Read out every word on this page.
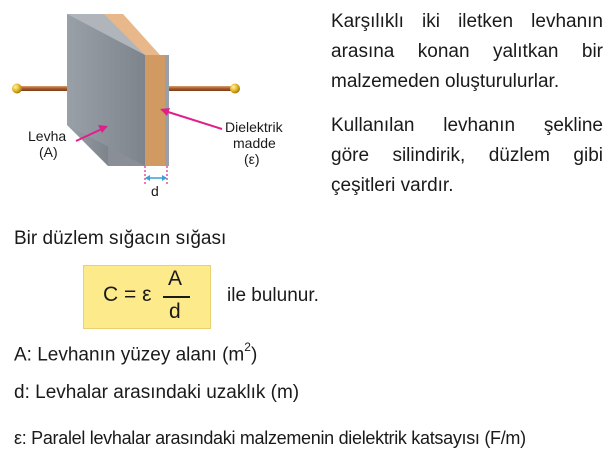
d
Levha
(A)
Dielektrik
madde
(ε)
Karşılıklı iki iletken levhanın
arasına konan yalıtkan bir

malzemeden oluşturulurlar.
Kullanılan levhanın şekline
göre silindirik, düzlem gibi

çeşitleri vardır.
Bir düzlem sığacın sığası
C = ε
A
d
ile bulunur.
A: Levhanın yüzey alanı $(m^2)$
d: Levhalar arasındaki uzaklık (m)
ε: Paralel levhalar arasındaki malzemenin dielektrik katsayısı (F/m)
